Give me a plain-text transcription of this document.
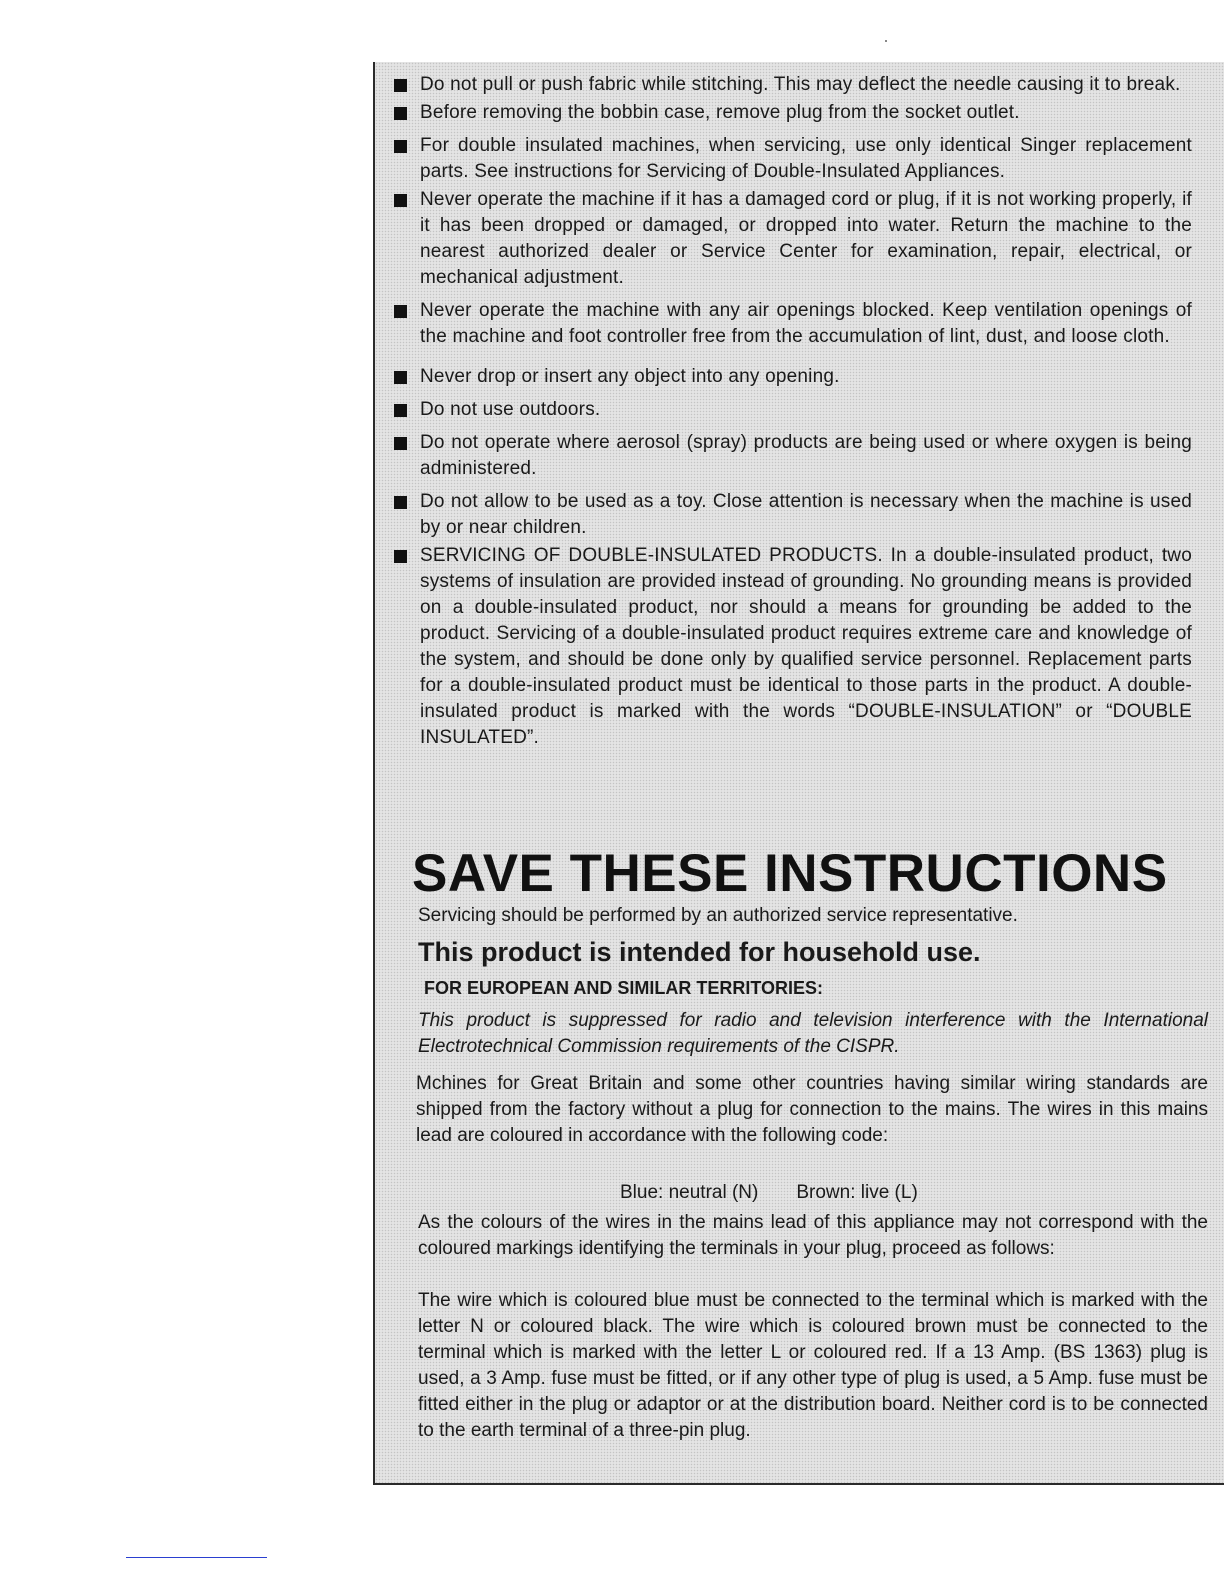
Do not pull or push fabric while stitching. This may deflect the needle causing it to break.
Before removing the bobbin case, remove plug from the socket outlet.
For double insulated machines, when servicing, use only identical Singer replacement parts. See instructions for Servicing of Double-Insulated Appliances.
Never operate the machine if it has a damaged cord or plug, if it is not working properly, if it has been dropped or damaged, or dropped into water. Return the machine to the nearest authorized dealer or Service Center for examination, repair, electrical, or mechanical adjustment.
Never operate the machine with any air openings blocked. Keep ventilation openings of the machine and foot controller free from the accumulation of lint, dust, and loose cloth.
Never drop or insert any object into any opening.
Do not use outdoors.
Do not operate where aerosol (spray) products are being used or where oxygen is being administered.
Do not allow to be used as a toy. Close attention is necessary when the machine is used by or near children.
SERVICING OF DOUBLE-INSULATED PRODUCTS. In a double-insulated product, two systems of insulation are provided instead of grounding. No grounding means is provided on a double-insulated product, nor should a means for grounding be added to the product. Servicing of a double-insulated product requires extreme care and knowledge of the system, and should be done only by qualified service personnel. Replacement parts for a double-insulated product must be identical to those parts in the product. A double-insulated product is marked with the words “DOUBLE-INSULATION” or “DOUBLE INSULATED”.
SAVE THESE INSTRUCTIONS

Servicing should be performed by an authorized service representative.

This product is intended for household use.
FOR EUROPEAN AND SIMILAR TERRITORIES:

This product is suppressed for radio and television interference with the International Electrotechnical Commission requirements of the CISPR.

Mchines for Great Britain and some other countries having similar wiring standards are shipped from the factory without a plug for connection to the mains. The wires in this mains lead are coloured in accordance with the following code:

Blue: neutral (N) Brown: live (L)

As the colours of the wires in the mains lead of this appliance may not correspond with the coloured markings identifying the terminals in your plug, proceed as follows:

The wire which is coloured blue must be connected to the terminal which is marked with the letter N or coloured black. The wire which is coloured brown must be connected to the terminal which is marked with the letter L or coloured red. If a 13 Amp. (BS 1363) plug is used, a 3 Amp. fuse must be fitted, or if any other type of plug is used, a 5 Amp. fuse must be fitted either in the plug or adaptor or at the distribution board. Neither cord is to be connected to the earth terminal of a three-pin plug.
